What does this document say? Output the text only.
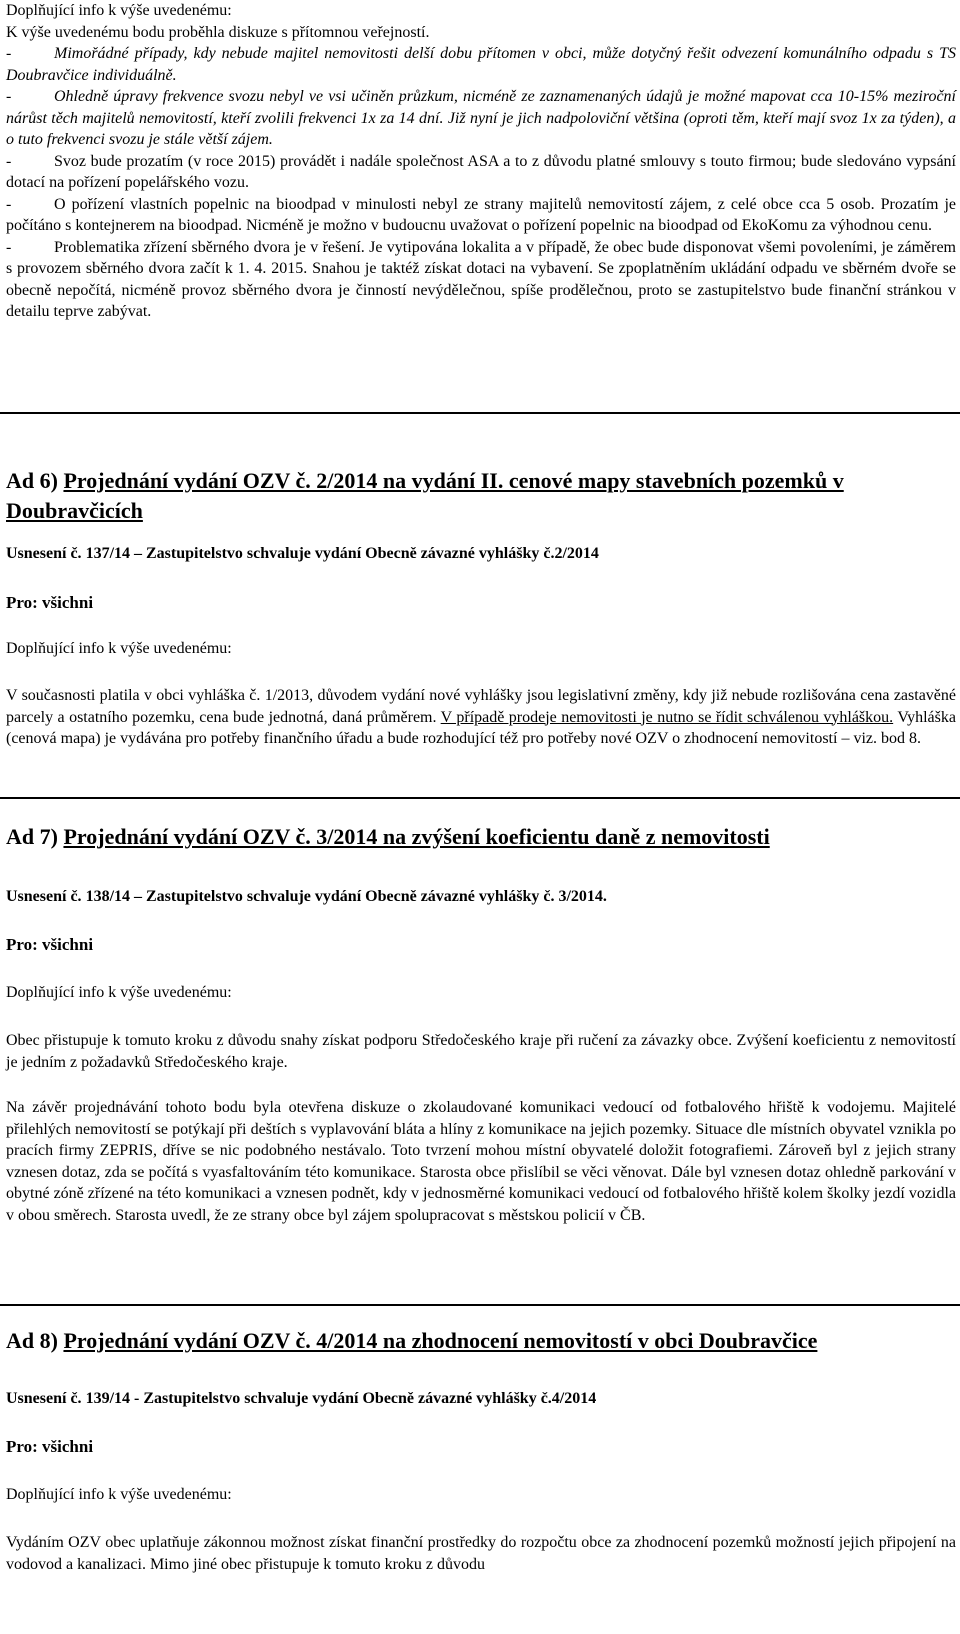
Doplňující info k výše uvedenému:

K výše uvedenému bodu proběhla diskuze s přítomnou veřejností.

-	Mimořádné případy, kdy nebude majitel nemovitosti delší dobu přítomen v obci, může dotyčný řešit odvezení komunálního odpadu s TS Doubravčice individuálně.

-	Ohledně úpravy frekvence svozu nebyl ve vsi učiněn průzkum, nicméně ze zaznamenaných údajů je možné mapovat cca 10-15% meziroční nárůst těch majitelů nemovitostí, kteří zvolili frekvenci 1x za 14 dní. Již nyní je jich nadpoloviční většina (oproti těm, kteří mají svoz 1x za týden), a o tuto frekvenci svozu je stále větší zájem.

-	Svoz bude prozatím (v roce 2015) provádět i nadále společnost ASA a to z důvodu platné smlouvy s touto firmou; bude sledováno vypsání dotací na pořízení popelářského vozu.

-	O pořízení vlastních popelnic na bioodpad v minulosti nebyl ze strany majitelů nemovitostí zájem, z celé obce cca 5 osob. Prozatím je počítáno s kontejnerem na bioodpad. Nicméně je možno v budoucnu uvažovat o pořízení popelnic na bioodpad od EkoKomu za výhodnou cenu.

-	Problematika zřízení sběrného dvora je v řešení. Je vytipována lokalita a v případě, že obec bude disponovat všemi povoleními, je záměrem s provozem sběrného dvora začít k 1. 4. 2015. Snahou je taktéž získat dotaci na vybavení. Se zpoplatněním ukládání odpadu ve sběrném dvoře se obecně nepočítá, nicméně provoz sběrného dvora je činností nevýdělečnou, spíše prodělečnou, proto se zastupitelstvo bude finanční stránkou v detailu teprve zabývat.

Ad 6) Projednání vydání OZV č. 2/2014 na vydání II. cenové mapy stavebních pozemků v Doubravčicích
Usnesení č. 137/14 – Zastupitelstvo schvaluje vydání Obecně závazné vyhlášky č.2/2014
Pro: všichni
Doplňující info k výše uvedenému:
V současnosti platila v obci vyhláška č. 1/2013, důvodem vydání nové vyhlášky jsou legislativní změny, kdy již nebude rozlišována cena zastavěné parcely a ostatního pozemku, cena bude jednotná, daná průměrem. V případě prodeje nemovitosti je nutno se řídit schválenou vyhláškou. Vyhláška (cenová mapa) je vydávána pro potřeby finančního úřadu a bude rozhodující též pro potřeby nové OZV o zhodnocení nemovitostí – viz. bod 8.
Ad 7) Projednání vydání OZV č. 3/2014 na zvýšení koeficientu daně z nemovitosti
Usnesení č. 138/14 – Zastupitelstvo schvaluje vydání Obecně závazné vyhlášky č. 3/2014.
Pro: všichni
Doplňující info k výše uvedenému:
Obec přistupuje k tomuto kroku z důvodu snahy získat podporu Středočeského kraje při ručení za závazky obce. Zvýšení koeficientu z nemovitostí je jedním z požadavků Středočeského kraje.
Na závěr projednávání tohoto bodu byla otevřena diskuze o zkolaudované komunikaci vedoucí od fotbalového hřiště k vodojemu. Majitelé přilehlých nemovitostí se potýkají při deštích s vyplavování bláta a hlíny z komunikace na jejich pozemky. Situace dle místních obyvatel vznikla po pracích firmy ZEPRIS, dříve se nic podobného nestávalo. Toto tvrzení mohou místní obyvatelé doložit fotografiemi. Zároveň byl z jejich strany vznesen dotaz, zda se počítá s vyasfaltováním této komunikace. Starosta obce přislíbil se věci věnovat. Dále byl vznesen dotaz ohledně parkování v obytné zóně zřízené na této komunikaci a vznesen podnět, kdy v jednosměrné komunikaci vedoucí od fotbalového hřiště kolem školky jezdí vozidla v obou směrech. Starosta uvedl, že ze strany obce byl zájem spolupracovat s městskou policií v ČB.
Ad 8) Projednání vydání OZV č. 4/2014 na zhodnocení nemovitostí v obci Doubravčice
Usnesení č. 139/14 - Zastupitelstvo schvaluje vydání Obecně závazné vyhlášky č.4/2014
Pro: všichni
Doplňující info k výše uvedenému:
Vydáním OZV obec uplatňuje zákonnou možnost získat finanční prostředky do rozpočtu obce za zhodnocení pozemků možností jejich připojení na vodovod a kanalizaci. Mimo jiné obec přistupuje k tomuto kroku z důvodu
